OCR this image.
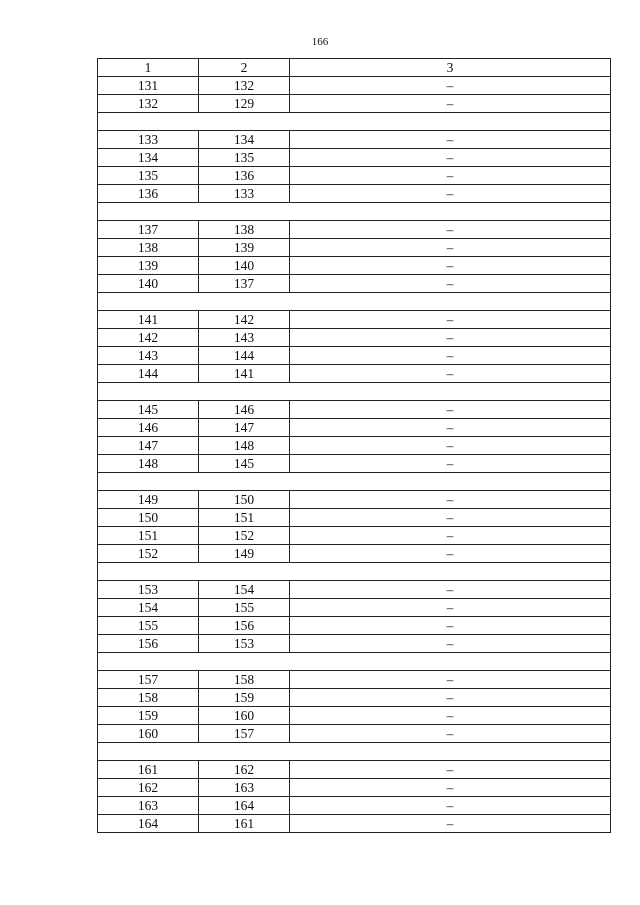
166
1	2	3
131	132	–
132	129	–

133	134	–
134	135	–
135	136	–
136	133	–

137	138	–
138	139	–
139	140	–
140	137	–

141	142	–
142	143	–
143	144	–
144	141	–

145	146	–
146	147	–
147	148	–
148	145	–

149	150	–
150	151	–
151	152	–
152	149	–

153	154	–
154	155	–
155	156	–
156	153	–

157	158	–
158	159	–
159	160	–
160	157	–

161	162	–
162	163	–
163	164	–
164	161	–
